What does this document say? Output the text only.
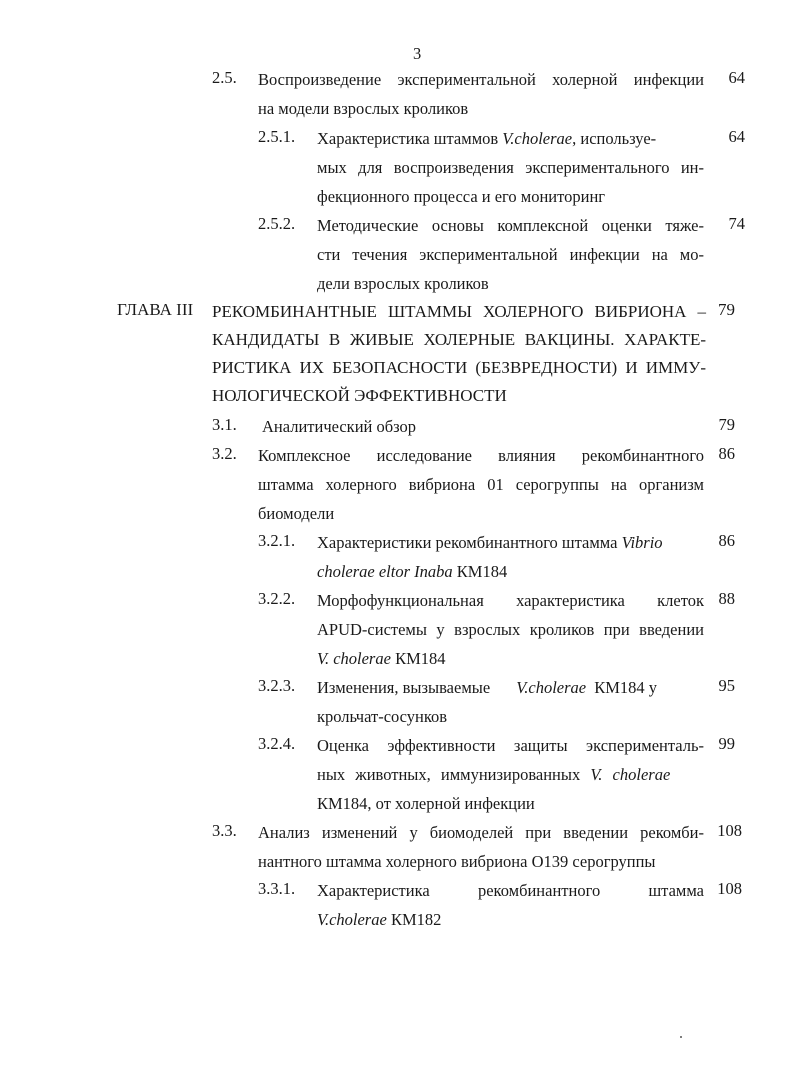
3
2.5. Воспроизведение экспериментальной холерной инфекции
на модели взрослых кроликов
64
2.5.1. Характеристика штаммов V.cholerae, используе-
мых для воспроизведения экспериментального ин-
фекционного процесса и его мониторинг
64
2.5.2. Методические основы комплексной оценки тяже-
сти течения экспериментальной инфекции на мо-
дели взрослых кроликов
74
ГЛАВА III РЕКОМБИНАНТНЫЕ ШТАММЫ ХОЛЕРНОГО ВИБРИОНА –
КАНДИДАТЫ В ЖИВЫЕ ХОЛЕРНЫЕ ВАКЦИНЫ. ХАРАКТЕ-
РИСТИКА ИХ БЕЗОПАСНОСТИ (БЕЗВРЕДНОСТИ) И ИММУ-
НОЛОГИЧЕСКОЙ ЭФФЕКТИВНОСТИ
79
3.1. Аналитический обзор	79
3.2. Комплексное исследование влияния рекомбинантного
штамма холерного вибриона 01 серогруппы на организм
биомодели
86
3.2.1. Характеристики рекомбинантного штамма Vibrio
cholerae eltor Inaba КМ184
86
3.2.2. Морфофункциональная характеристика клеток
APUD-системы у взрослых кроликов при введении
V. cholerae КМ184
88
3.2.3. Изменения, вызываемые V.cholerae КМ184 у
крольчат-сосунков
95
3.2.4. Оценка эффективности защиты эксперименталь-
ных животных, иммунизированных V. cholerae
КМ184, от холерной инфекции
99
3.3. Анализ изменений у биомоделей при введении рекомби-
нантного штамма холерного вибриона О139 серогруппы
108
3.3.1. Характеристика рекомбинантного штамма
V.cholerae КМ182
108
